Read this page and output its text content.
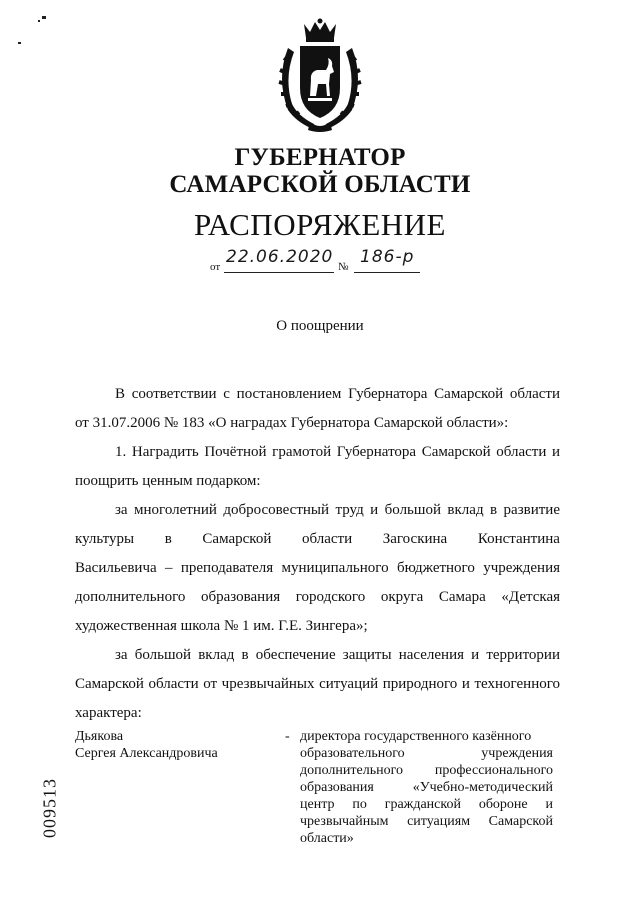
ГУБЕРНАТОР
САМАРСКОЙ ОБЛАСТИ
РАСПОРЯЖЕНИЕ
от 22.06.2020 № 186-р
О поощрении
В соответствии с постановлением Губернатора Самарской области
от 31.07.2006 № 183 «О наградах Губернатора Самарской области»:
1. Наградить Почётной грамотой Губернатора Самарской области и
поощрить ценным подарком:
за многолетний добросовестный труд и большой вклад в развитие
культуры в Самарской области Загоскина Константина
Васильевича – преподавателя муниципального бюджетного учреждения
дополнительного образования городского округа Самара «Детская
художественная школа № 1 им. Г.Е. Зингера»;
за большой вклад в обеспечение защиты населения и территории
Самарской области от чрезвычайных ситуаций природного и техногенного
характера:
Дьякова
Сергея Александровича
- директора государственного казённого
образовательного учреждения
дополнительного профессионального
образования «Учебно-методический
центр по гражданской обороне и
чрезвычайным ситуациям Самарской
области»
009513
